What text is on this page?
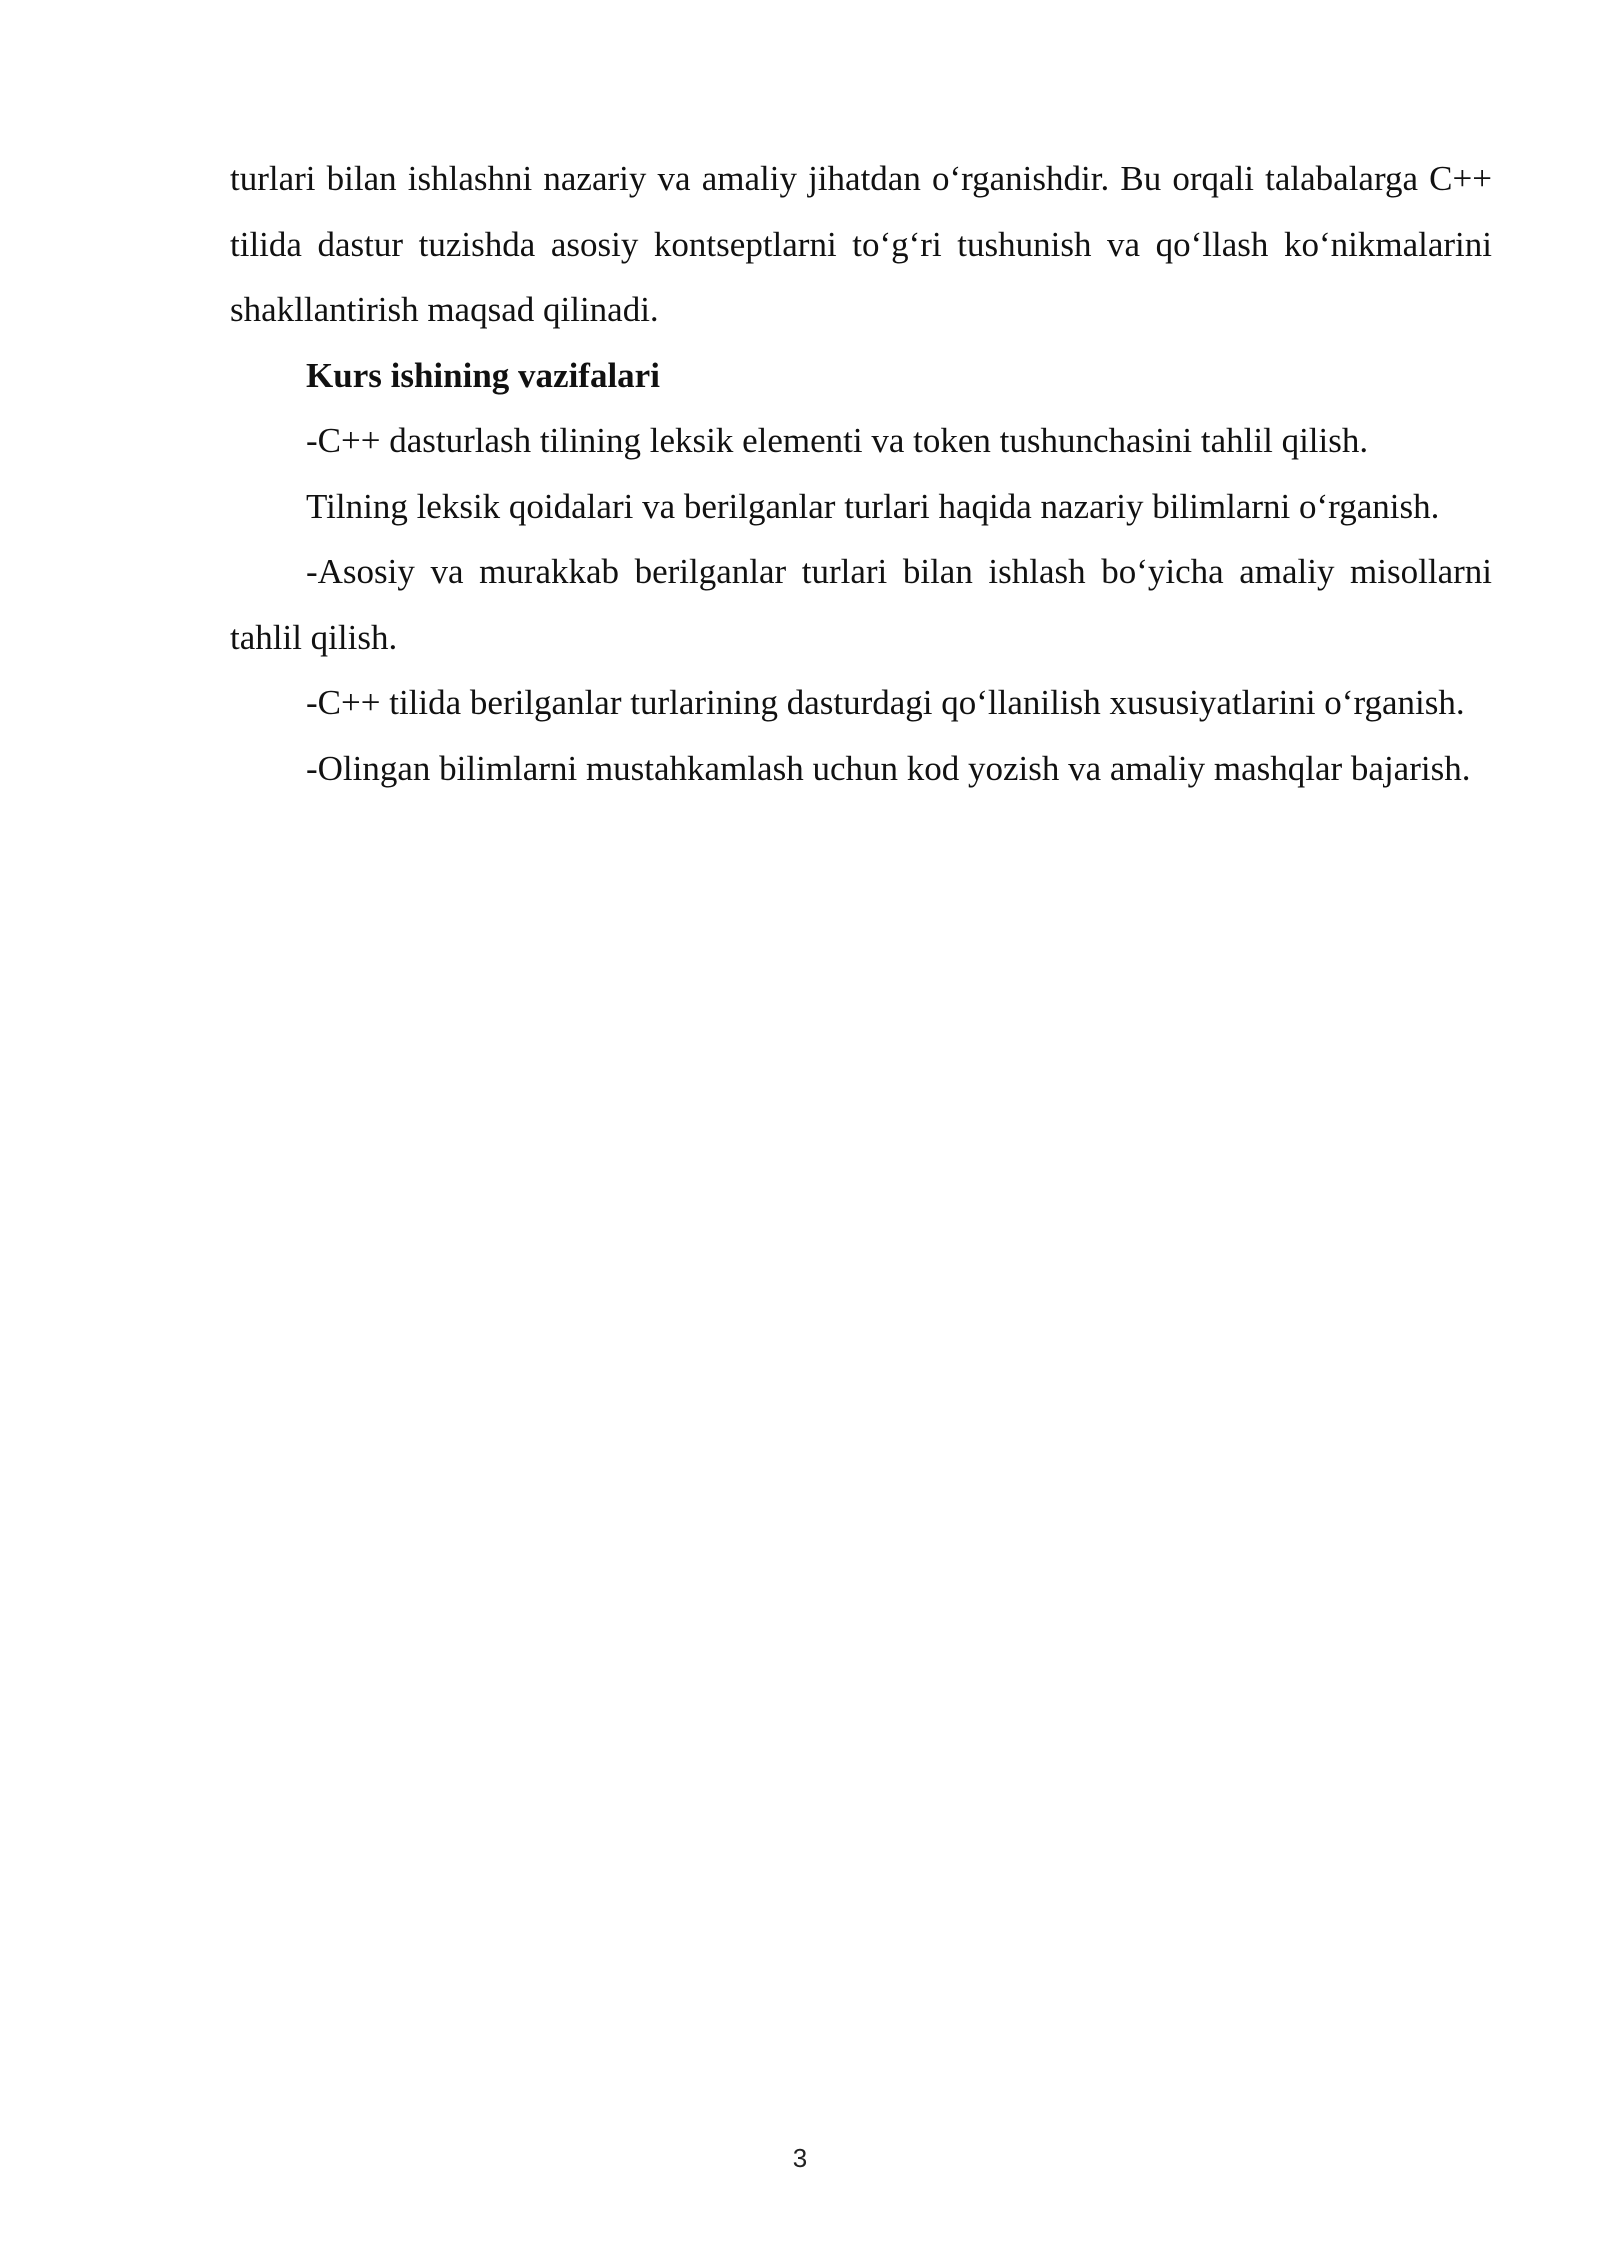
turlari bilan ishlashni nazariy va amaliy jihatdan o‘rganishdir. Bu orqali talabalarga C++ tilida dastur tuzishda asosiy kontseptlarni to‘g‘ri tushunish va qo‘llash ko‘nikmalarini shakllantirish maqsad qilinadi.

Kurs ishining vazifalari

-C++ dasturlash tilining leksik elementi va token tushunchasini tahlil qilish.

Tilning leksik qoidalari va berilganlar turlari haqida nazariy bilimlarni o‘rganish.

-Asosiy va murakkab berilganlar turlari bilan ishlash bo‘yicha amaliy misollarni tahlil qilish.

-C++ tilida berilganlar turlarining dasturdagi qo‘llanilish xususiyatlarini o‘rganish.

-Olingan bilimlarni mustahkamlash uchun kod yozish va amaliy mashqlar bajarish.

3
